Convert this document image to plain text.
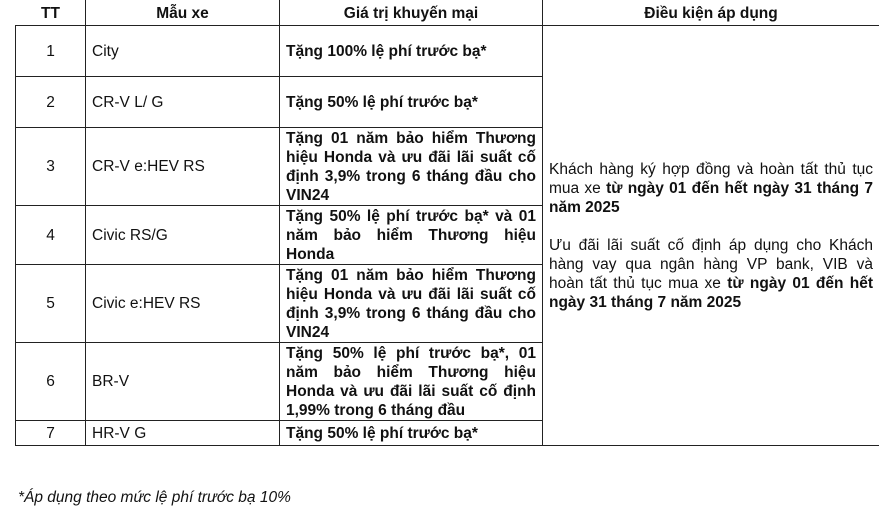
TT	Mẫu xe	Giá trị khuyến mại	Điều kiện áp dụng
1	City	Tặng 100% lệ phí trước bạ*	Khách hàng ký hợp đồng và hoàn tất thủ tục mua xe từ ngày 01 đến hết ngày 31 tháng 7 năm 2025

Ưu đãi lãi suất cố định áp dụng cho Khách hàng vay qua ngân hàng VP bank, VIB và hoàn tất thủ tục mua xe từ ngày 01 đến hết ngày 31 tháng 7 năm 2025

2	CR-V L/ G	Tặng 50% lệ phí trước bạ*	
3	CR-V e:HEV RS	Tặng 01 năm bảo hiểm Thương hiệu Honda và ưu đãi lãi suất cố định 3,9% trong 6 tháng đầu cho VIN24	
4	Civic RS/G	Tặng 50% lệ phí trước bạ* và 01 năm bảo hiểm Thương hiệu Honda	
5	Civic e:HEV RS	Tặng 01 năm bảo hiểm Thương hiệu Honda và ưu đãi lãi suất cố định 3,9% trong 6 tháng đầu cho VIN24	
6	BR-V	Tặng 50% lệ phí trước bạ*, 01 năm bảo hiểm Thương hiệu Honda và ưu đãi lãi suất cố định 1,99% trong 6 tháng đầu	
7	HR-V G	Tặng 50% lệ phí trước bạ*	
*Áp dụng theo mức lệ phí trước bạ 10%
